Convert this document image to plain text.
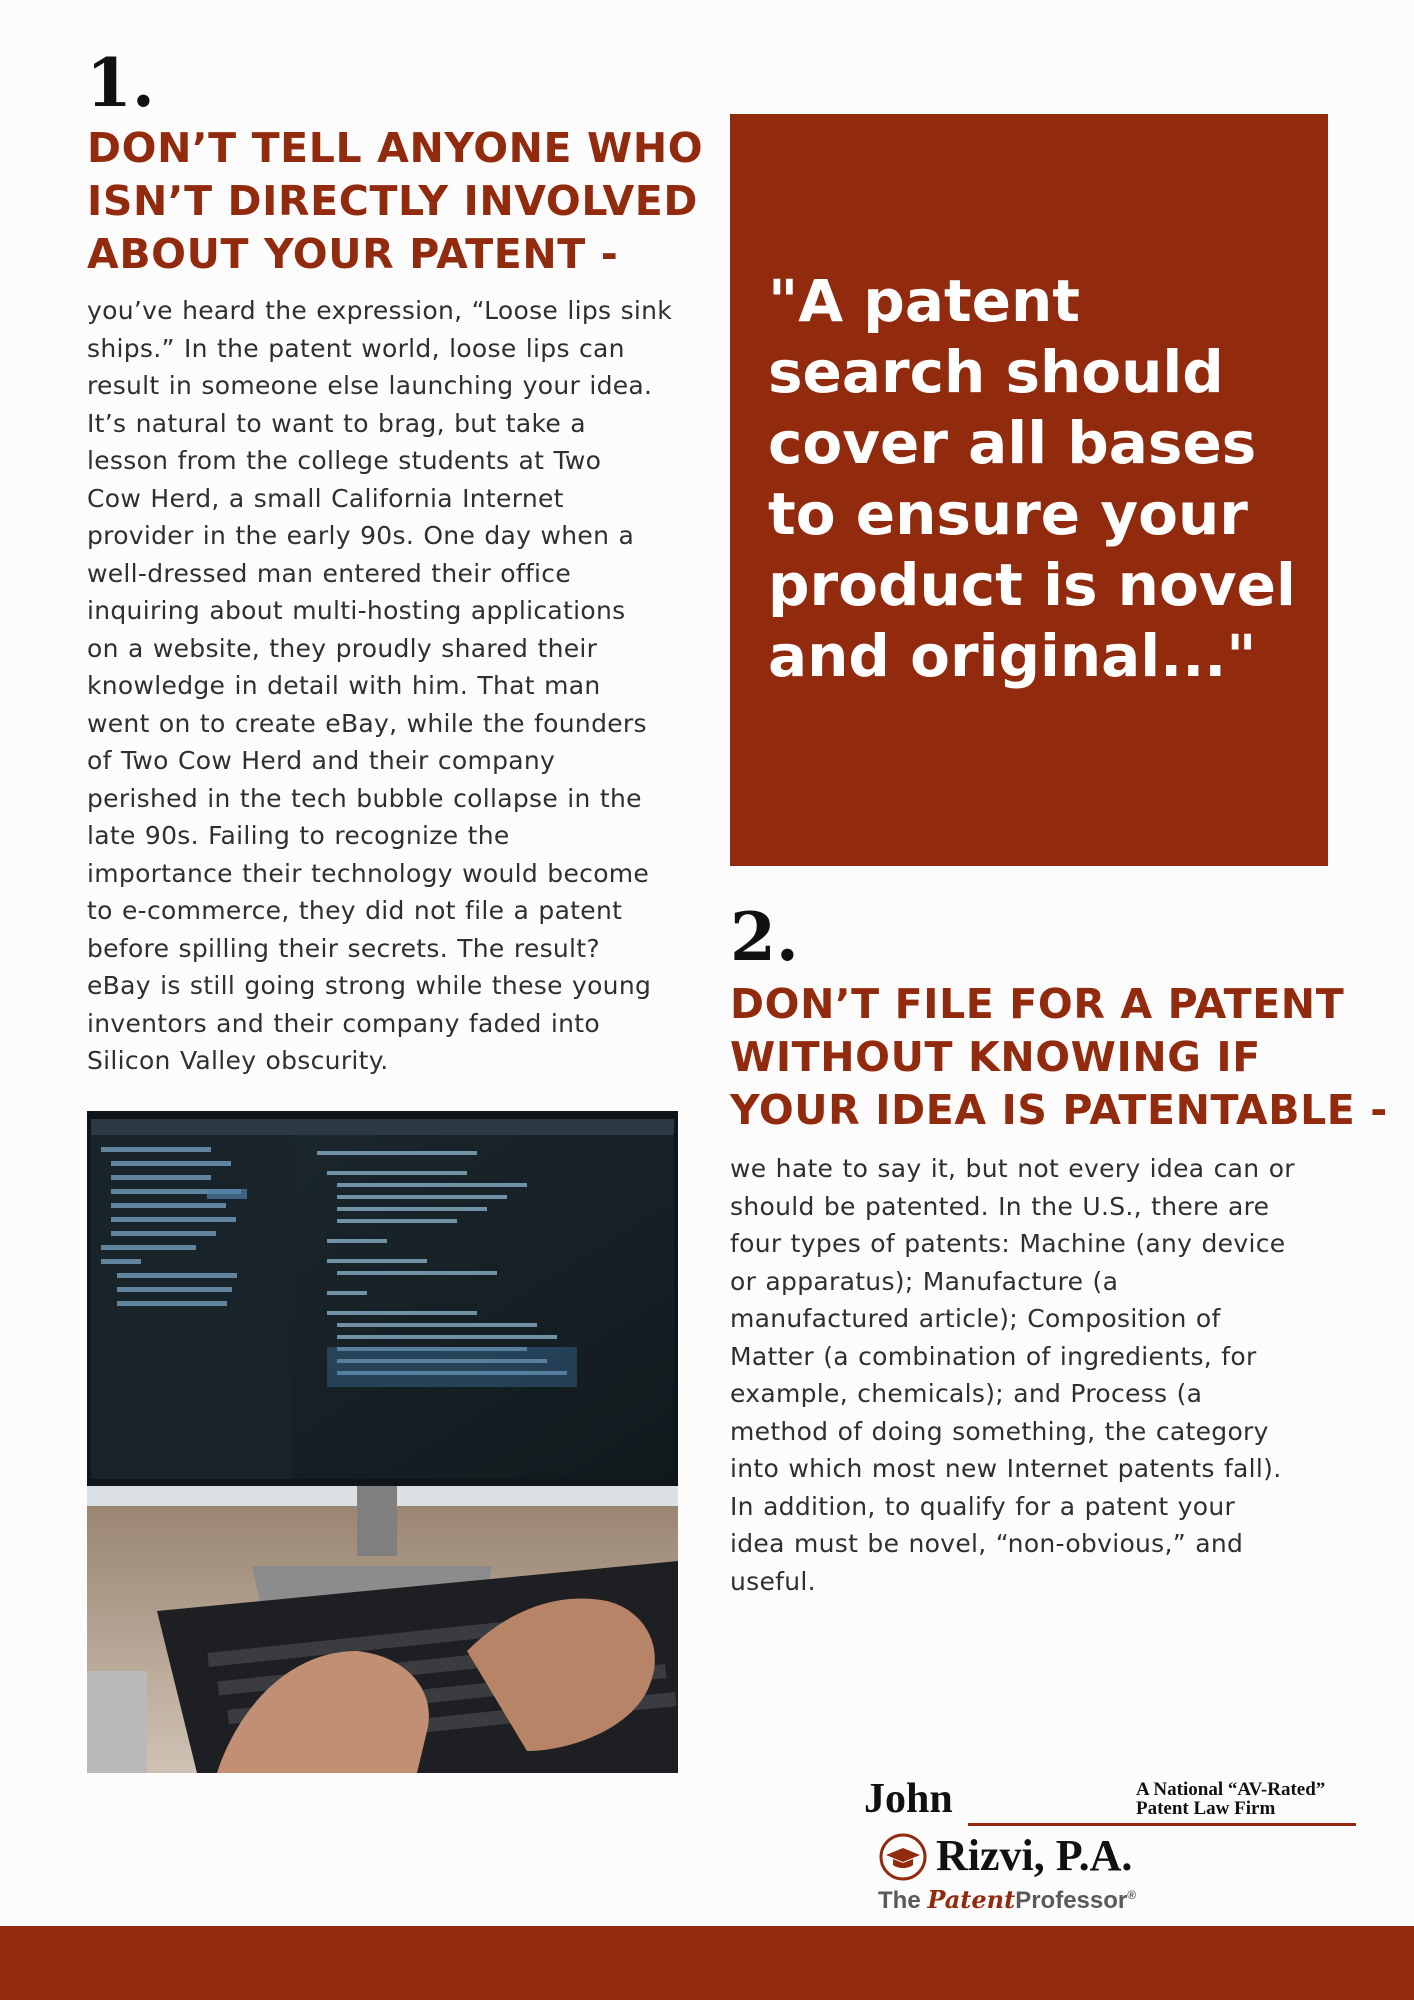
1.
DON’T TELL ANYONE WHO
ISN’T DIRECTLY INVOLVED
ABOUT YOUR PATENT -

you’ve heard the expression, “Loose lips sink
ships.” In the patent world, loose lips can
result in someone else launching your idea.
It’s natural to want to brag, but take a
lesson from the college students at Two
Cow Herd, a small California Internet
provider in the early 90s. One day when a
well-dressed man entered their office
inquiring about multi-hosting applications
on a website, they proudly shared their
knowledge in detail with him. That man
went on to create eBay, while the founders
of Two Cow Herd and their company
perished in the tech bubble collapse in the
late 90s. Failing to recognize the
importance their technology would become
to e-commerce, they did not file a patent
before spilling their secrets. The result?
eBay is still going strong while these young
inventors and their company faded into
Silicon Valley obscurity.

"A patent
search should
cover all bases
to ensure your
product is novel
and original..."

2.
DON’T FILE FOR A PATENT
WITHOUT KNOWING IF
YOUR IDEA IS PATENTABLE -

we hate to say it, but not every idea can or
should be patented. In the U.S., there are
four types of patents: Machine (any device
or apparatus); Manufacture (a
manufactured article); Composition of
Matter (a combination of ingredients, for
example, chemicals); and Process (a
method of doing something, the category
into which most new Internet patents fall).
In addition, to qualify for a patent your
idea must be novel, “non-obvious,” and
useful.

John	A National “AV-Rated”
Patent Law Firm

Rizvi, P.A.

The PatentProfessor®
